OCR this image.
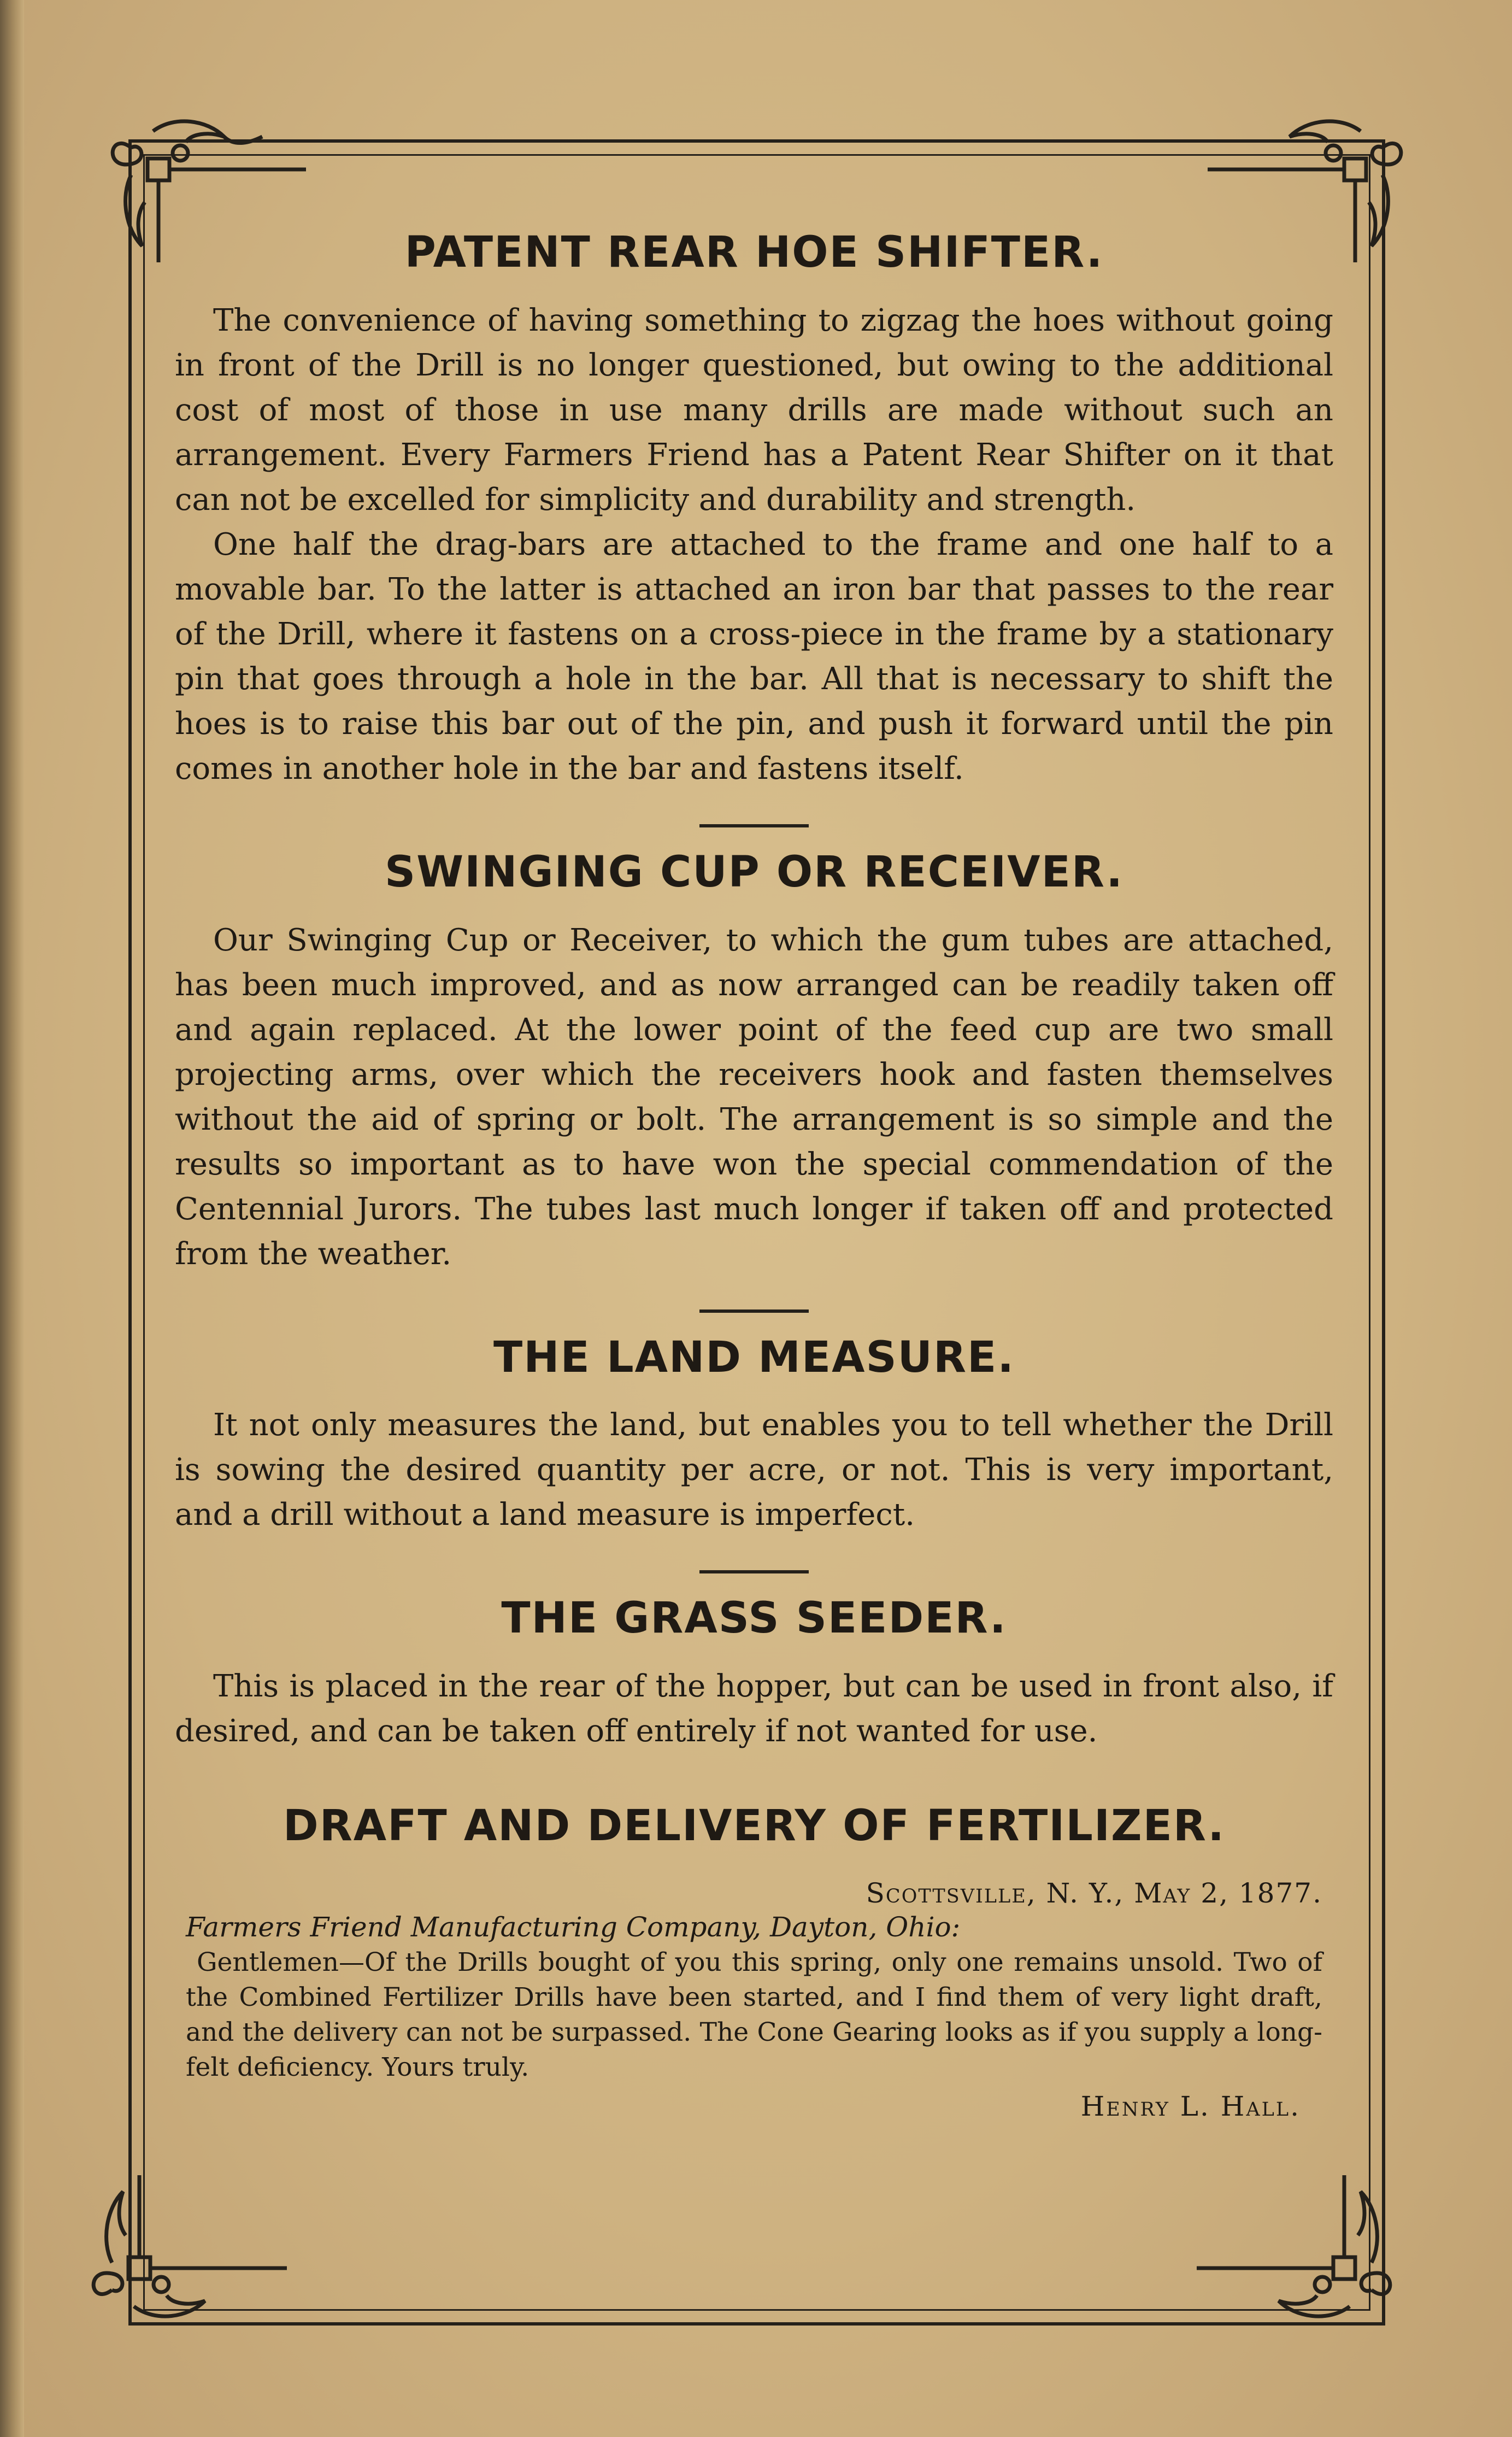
PATENT REAR HOE SHIFTER.

The convenience of having something to zigzag the hoes without going in front of the Drill is no longer questioned, but owing to the additional cost of most of those in use many drills are made without such an arrangement. Every Farmers Friend has a Patent Rear Shifter on it that can not be excelled for simplicity and durability and strength.

One half the drag-bars are attached to the frame and one half to a movable bar. To the latter is attached an iron bar that passes to the rear of the Drill, where it fastens on a cross-piece in the frame by a stationary pin that goes through a hole in the bar. All that is necessary to shift the hoes is to raise this bar out of the pin, and push it forward until the pin comes in another hole in the bar and fastens itself.

SWINGING CUP OR RECEIVER.

Our Swinging Cup or Receiver, to which the gum tubes are attached, has been much improved, and as now arranged can be readily taken off and again replaced. At the lower point of the feed cup are two small projecting arms, over which the receivers hook and fasten themselves without the aid of spring or bolt. The arrangement is so simple and the results so important as to have won the special commendation of the Centennial Jurors. The tubes last much longer if taken off and protected from the weather.

THE LAND MEASURE.

It not only measures the land, but enables you to tell whether the Drill is sowing the desired quantity per acre, or not. This is very important, and a drill without a land measure is imperfect.

THE GRASS SEEDER.

This is placed in the rear of the hopper, but can be used in front also, if desired, and can be taken off entirely if not wanted for use.

DRAFT AND DELIVERY OF FERTILIZER.
Scottsville, N. Y., May 2, 1877.
Farmers Friend Manufacturing Company, Dayton, Ohio:

Gentlemen—Of the Drills bought of you this spring, only one remains unsold. Two of the Combined Fertilizer Drills have been started, and I find them of very light draft, and the delivery can not be surpassed. The Cone Gearing looks as if you supply a long-felt deficiency. Yours truly.

Henry L. Hall.
